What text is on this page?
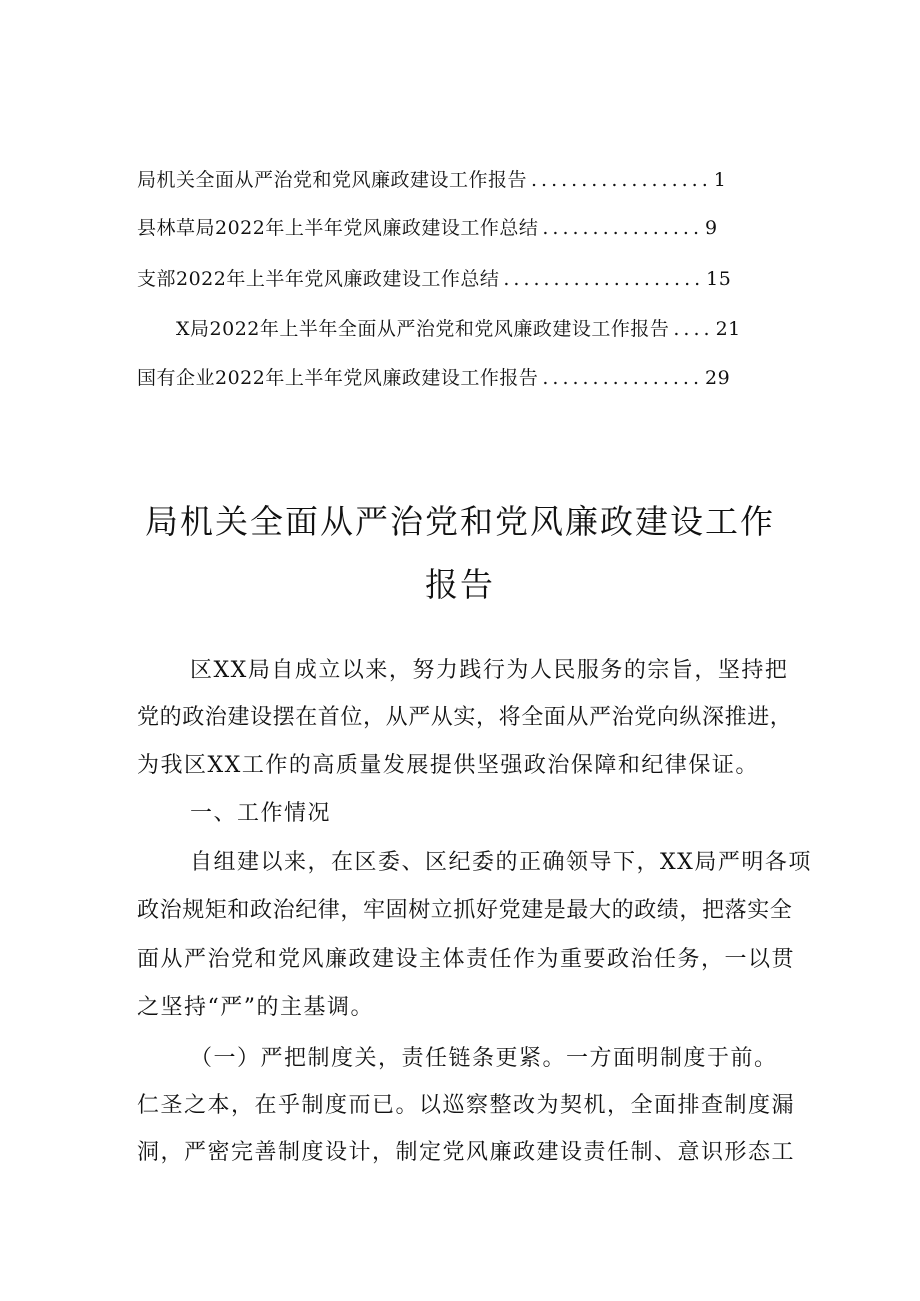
局机关全面从严治党和党风廉政建设工作报告 .................. 1
县林草局2022年上半年党风廉政建设工作总结 ................ 9
支部2022年上半年党风廉政建设工作总结 .................... 15
X局2022年上半年全面从严治党和党风廉政建设工作报告 .... 21
国有企业2022年上半年党风廉政建设工作报告 ................ 29
局机关全面从严治党和党风廉政建设工作
报告
区XX局自成立以来，努力践行为人民服务的宗旨，坚持把
党的政治建设摆在首位，从严从实，将全面从严治党向纵深推进，
为我区XX工作的高质量发展提供坚强政治保障和纪律保证。
一、工作情况
自组建以来，在区委、区纪委的正确领导下，XX局严明各项
政治规矩和政治纪律，牢固树立抓好党建是最大的政绩，把落实全
面从严治党和党风廉政建设主体责任作为重要政治任务，一以贯
之坚持“严”的主基调。
（一）严把制度关，责任链条更紧。一方面明制度于前。
仁圣之本，在乎制度而已。以巡察整改为契机，全面排查制度漏
洞，严密完善制度设计，制定党风廉政建设责任制、意识形态工
